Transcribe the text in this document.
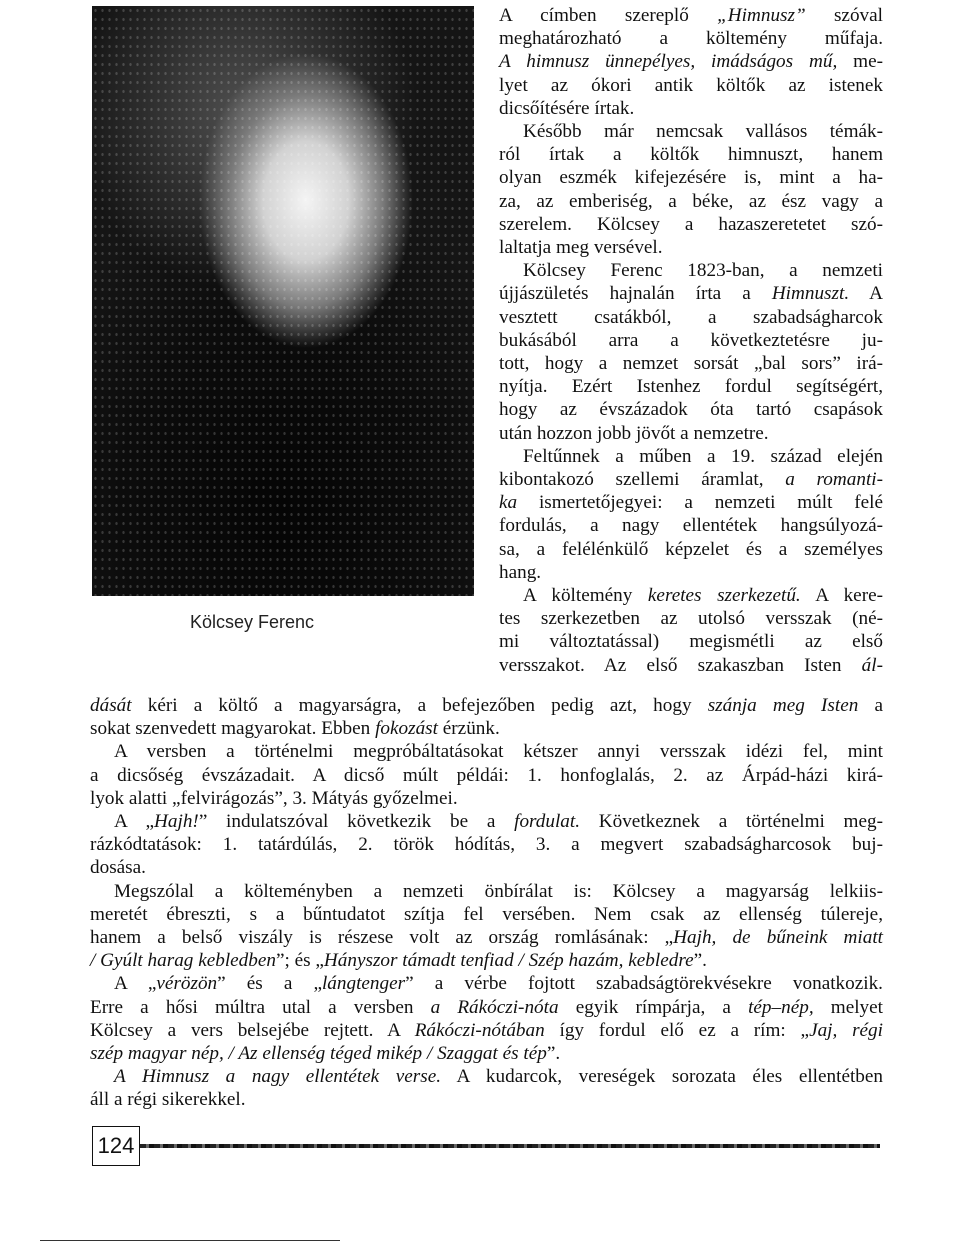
Kölcsey Ferenc
A címben szereplő „Himnusz” szóval
meghatározható a költemény műfaja.
A himnusz ünnepélyes, imádságos mű, me-
lyet az ókori antik költők az istenek
dicsőítésére írtak.
Később már nemcsak vallásos témák-
ról írtak a költők himnuszt, hanem
olyan eszmék kifejezésére is, mint a ha-
za, az emberiség, a béke, az ész vagy a
szerelem. Kölcsey a hazaszeretetet szó-
laltatja meg versével.
Kölcsey Ferenc 1823-ban, a nemzeti
újjászületés hajnalán írta a Himnuszt. A
vesztett csatákból, a szabadságharcok
bukásából arra a következtetésre ju-
tott, hogy a nemzet sorsát „bal sors” irá-
nyítja. Ezért Istenhez fordul segítségért,
hogy az évszázadok óta tartó csapások
után hozzon jobb jövőt a nemzetre.
Feltűnnek a műben a 19. század elején
kibontakozó szellemi áramlat, a romanti-
ka ismertetőjegyei: a nemzeti múlt felé
fordulás, a nagy ellentétek hangsúlyozá-
sa, a felélénkülő képzelet és a személyes
hang.
A költemény keretes szerkezetű. A kere-
tes szerkezetben az utolsó versszak (né-
mi változtatással) megismétli az első
versszakot. Az első szakaszban Isten ál-
dását kéri a költő a magyarságra, a befejezőben pedig azt, hogy szánja meg Isten a
sokat szenvedett magyarokat. Ebben fokozást érzünk.
A versben a történelmi megpróbáltatásokat kétszer annyi versszak idézi fel, mint
a dicsőség évszázadait. A dicső múlt példái: 1. honfoglalás, 2. az Árpád-házi kirá-
lyok alatti „felvirágozás”, 3. Mátyás győzelmei.
A „Hajh!” indulatszóval következik be a fordulat. Következnek a történelmi meg-
rázkódtatások: 1. tatárdúlás, 2. török hódítás, 3. a megvert szabadságharcosok buj-
dosása.
Megszólal a költeményben a nemzeti önbírálat is: Kölcsey a magyarság lelkiis-
meretét ébreszti, s a bűntudatot szítja fel versében. Nem csak az ellenség túlereje,
hanem a belső viszály is részese volt az ország romlásának: „Hajh, de bűneink miatt
/ Gyúlt harag kebledben”; és „Hányszor támadt tenfiad / Szép hazám, kebledre”.
A „vérözön” és a „lángtenger” a vérbe fojtott szabadságtörekvésekre vonatkozik.
Erre a hősi múltra utal a versben a Rákóczi-nóta egyik rímpárja, a tép–nép, melyet
Kölcsey a vers belsejébe rejtett. A Rákóczi-nótában így fordul elő ez a rím: „Jaj, régi
szép magyar nép, / Az ellenség téged mikép / Szaggat és tép”.
A Himnusz a nagy ellentétek verse. A kudarcok, vereségek sorozata éles ellentétben
áll a régi sikerekkel.
124
